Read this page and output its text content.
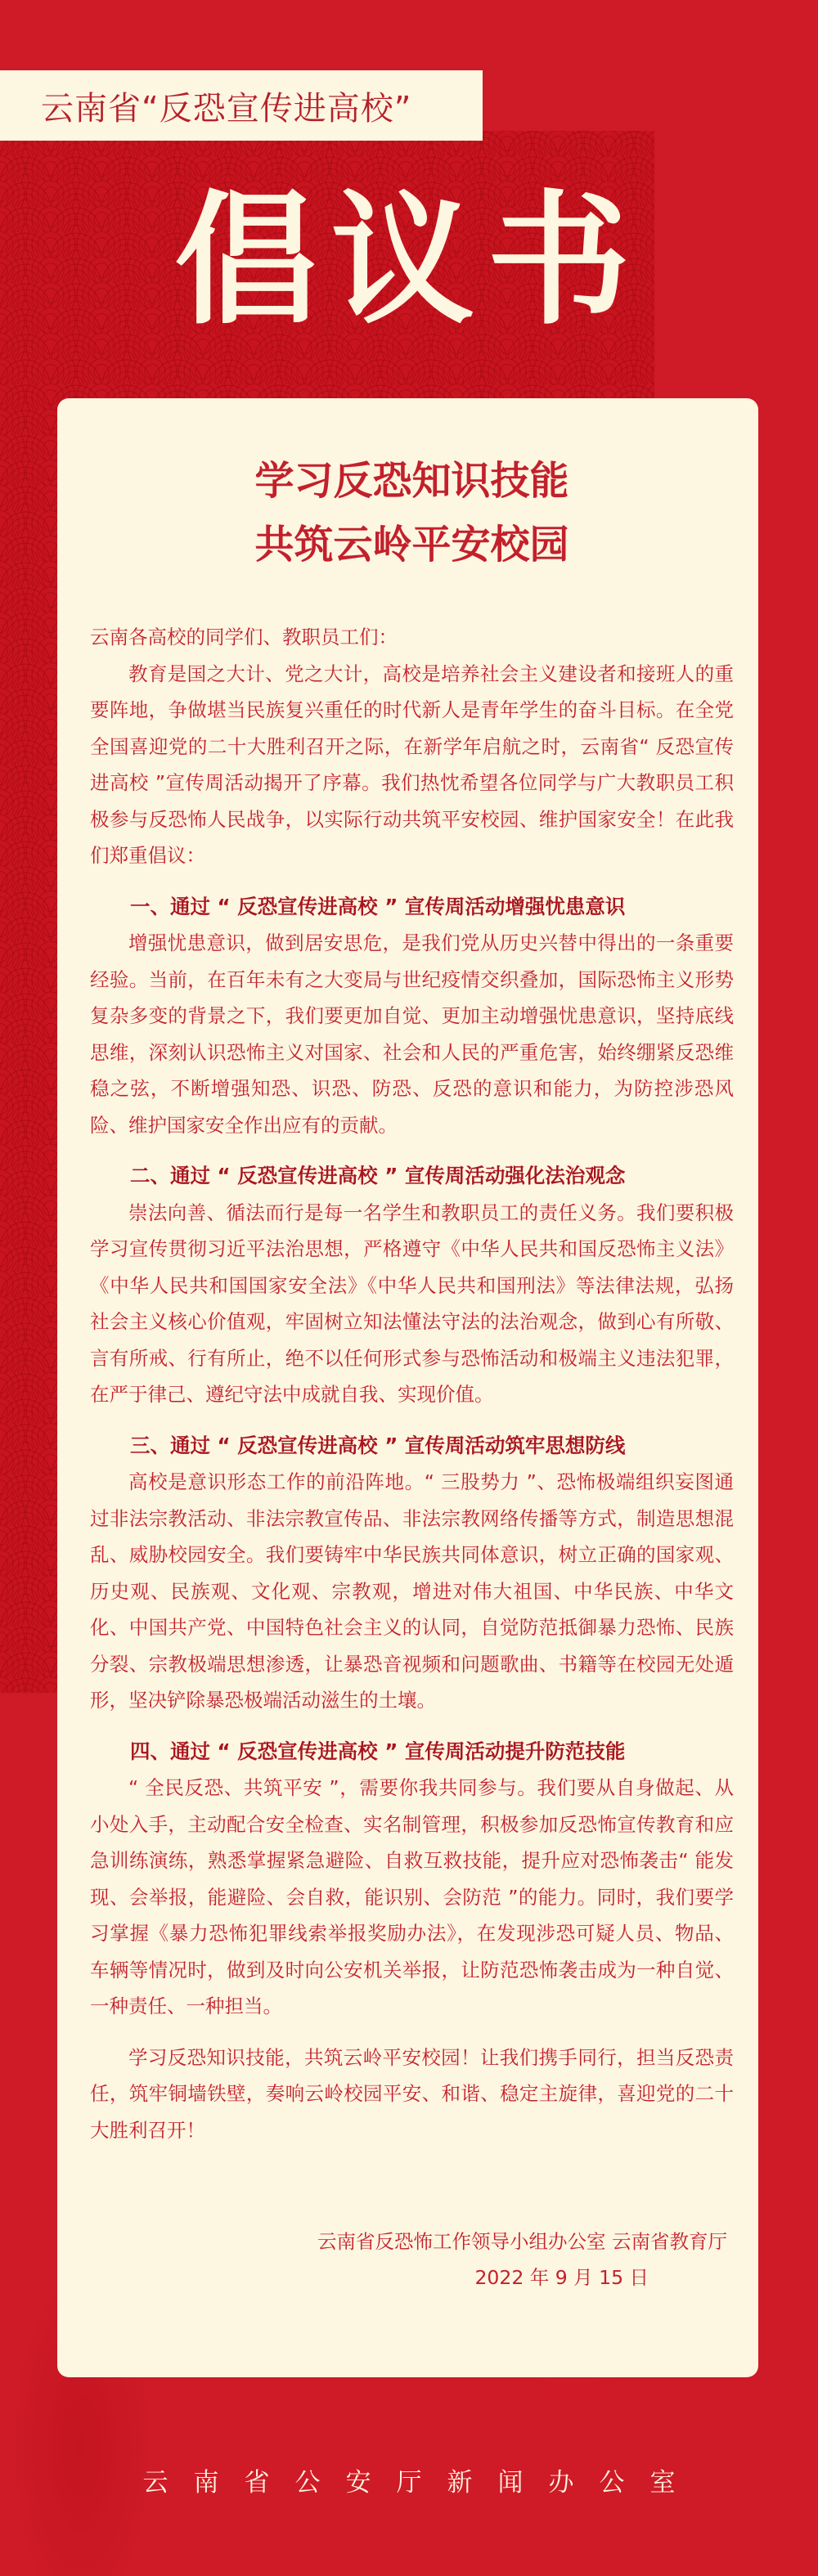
云南省“反恐宣传进高校”
倡议书
学习反恐知识技能
共筑云岭平安校园

云南各高校的同学们、教职员工们：

教育是国之大计、党之大计，高校是培养社会主义建设者和接班人的重要阵地，争做堪当民族复兴重任的时代新人是青年学生的奋斗目标。在全党全国喜迎党的二十大胜利召开之际，在新学年启航之时，云南省“ 反恐宣传进高校 ”宣传周活动揭开了序幕。我们热忱希望各位同学与广大教职员工积极参与反恐怖人民战争，以实际行动共筑平安校园、维护国家安全！在此我们郑重倡议：

一、通过 “ 反恐宣传进高校 ” 宣传周活动增强忧患意识

增强忧患意识，做到居安思危，是我们党从历史兴替中得出的一条重要经验。当前，在百年未有之大变局与世纪疫情交织叠加，国际恐怖主义形势复杂多变的背景之下，我们要更加自觉、更加主动增强忧患意识，坚持底线思维，深刻认识恐怖主义对国家、社会和人民的严重危害，始终绷紧反恐维稳之弦，不断增强知恐、识恐、防恐、反恐的意识和能力，为防控涉恐风险、维护国家安全作出应有的贡献。

二、通过 “ 反恐宣传进高校 ” 宣传周活动强化法治观念

崇法向善、循法而行是每一名学生和教职员工的责任义务。我们要积极学习宣传贯彻习近平法治思想，严格遵守《中华人民共和国反恐怖主义法》《中华人民共和国国家安全法》《中华人民共和国刑法》等法律法规，弘扬社会主义核心价值观，牢固树立知法懂法守法的法治观念，做到心有所敬、言有所戒、行有所止，绝不以任何形式参与恐怖活动和极端主义违法犯罪，在严于律己、遵纪守法中成就自我、实现价值。

三、通过 “ 反恐宣传进高校 ” 宣传周活动筑牢思想防线

高校是意识形态工作的前沿阵地。“ 三股势力 ”、恐怖极端组织妄图通过非法宗教活动、非法宗教宣传品、非法宗教网络传播等方式，制造思想混乱、威胁校园安全。我们要铸牢中华民族共同体意识，树立正确的国家观、历史观、民族观、文化观、宗教观，增进对伟大祖国、中华民族、中华文化、中国共产党、中国特色社会主义的认同，自觉防范抵御暴力恐怖、民族分裂、宗教极端思想渗透，让暴恐音视频和问题歌曲、书籍等在校园无处遁形，坚决铲除暴恐极端活动滋生的土壤。

四、通过 “ 反恐宣传进高校 ” 宣传周活动提升防范技能

“ 全民反恐、共筑平安 ”，需要你我共同参与。我们要从自身做起、从小处入手，主动配合安全检查、实名制管理，积极参加反恐怖宣传教育和应急训练演练，熟悉掌握紧急避险、自救互救技能，提升应对恐怖袭击“ 能发现、会举报，能避险、会自救，能识别、会防范 ”的能力。同时，我们要学习掌握《暴力恐怖犯罪线索举报奖励办法》，在发现涉恐可疑人员、物品、车辆等情况时，做到及时向公安机关举报，让防范恐怖袭击成为一种自觉、一种责任、一种担当。

学习反恐知识技能，共筑云岭平安校园！让我们携手同行，担当反恐责任，筑牢铜墙铁壁，奏响云岭校园平安、和谐、稳定主旋律，喜迎党的二十大胜利召开！

云南省反恐怖工作领导小组办公室 云南省教育厅
2022 年 9 月 15 日
云南省公安厅新闻办公室
